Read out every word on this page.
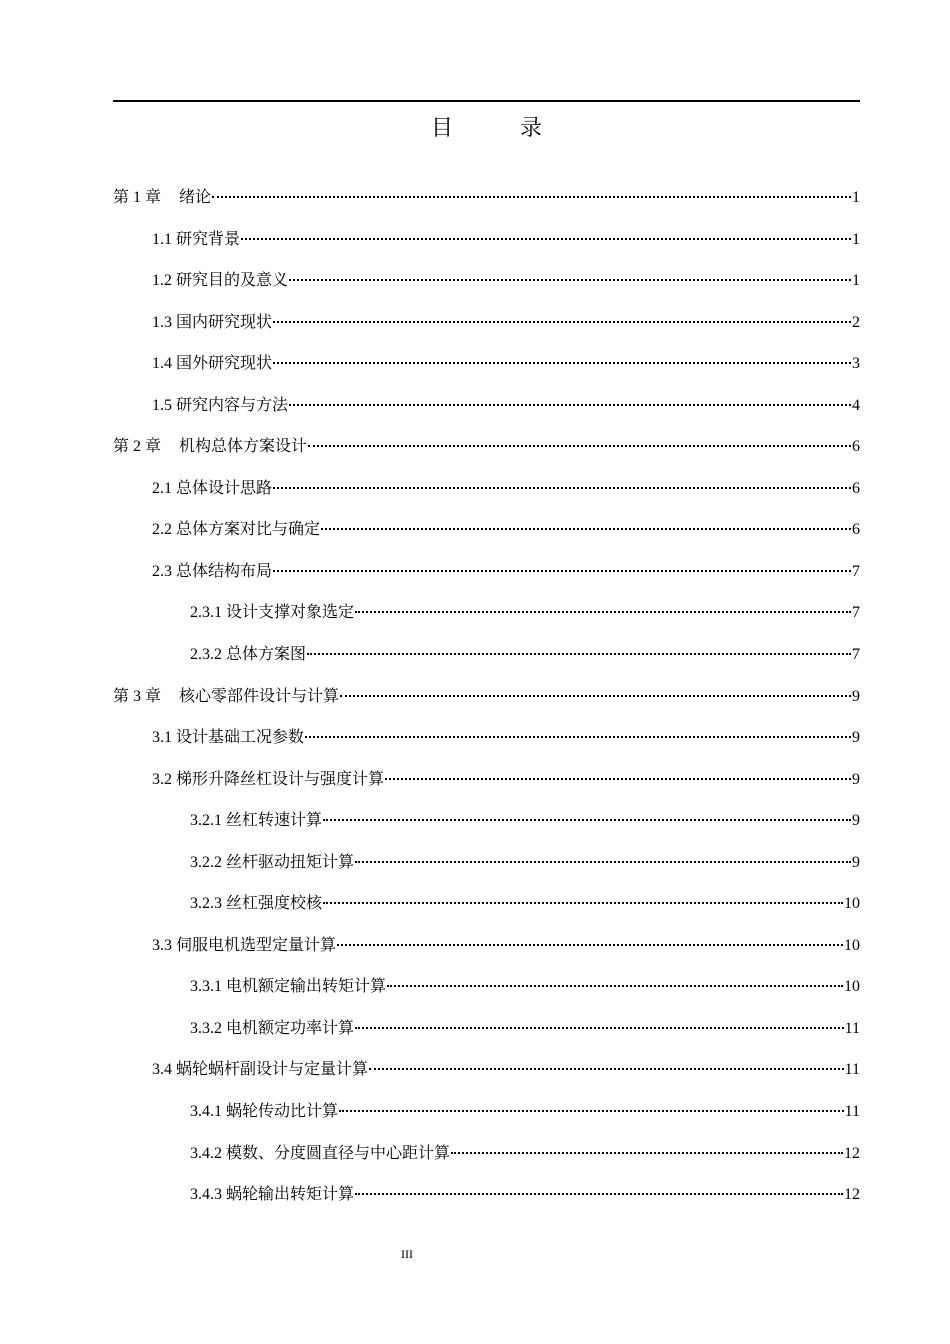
目 录
第 1 章 绪论	1
1.1 研究背景	1
1.2 研究目的及意义	1
1.3 国内研究现状	2
1.4 国外研究现状	3
1.5 研究内容与方法	4
第 2 章 机构总体方案设计	6
2.1 总体设计思路	6
2.2 总体方案对比与确定	6
2.3 总体结构布局	7
2.3.1 设计支撑对象选定	7
2.3.2 总体方案图	7
第 3 章 核心零部件设计与计算	9
3.1 设计基础工况参数	9
3.2 梯形升降丝杠设计与强度计算	9
3.2.1 丝杠转速计算	9
3.2.2 丝杆驱动扭矩计算	9
3.2.3 丝杠强度校核	10
3.3 伺服电机选型定量计算	10
3.3.1 电机额定输出转矩计算	10
3.3.2 电机额定功率计算	11
3.4 蜗轮蜗杆副设计与定量计算	11
3.4.1 蜗轮传动比计算	11
3.4.2 模数、分度圆直径与中心距计算	12
3.4.3 蜗轮输出转矩计算	12
III
